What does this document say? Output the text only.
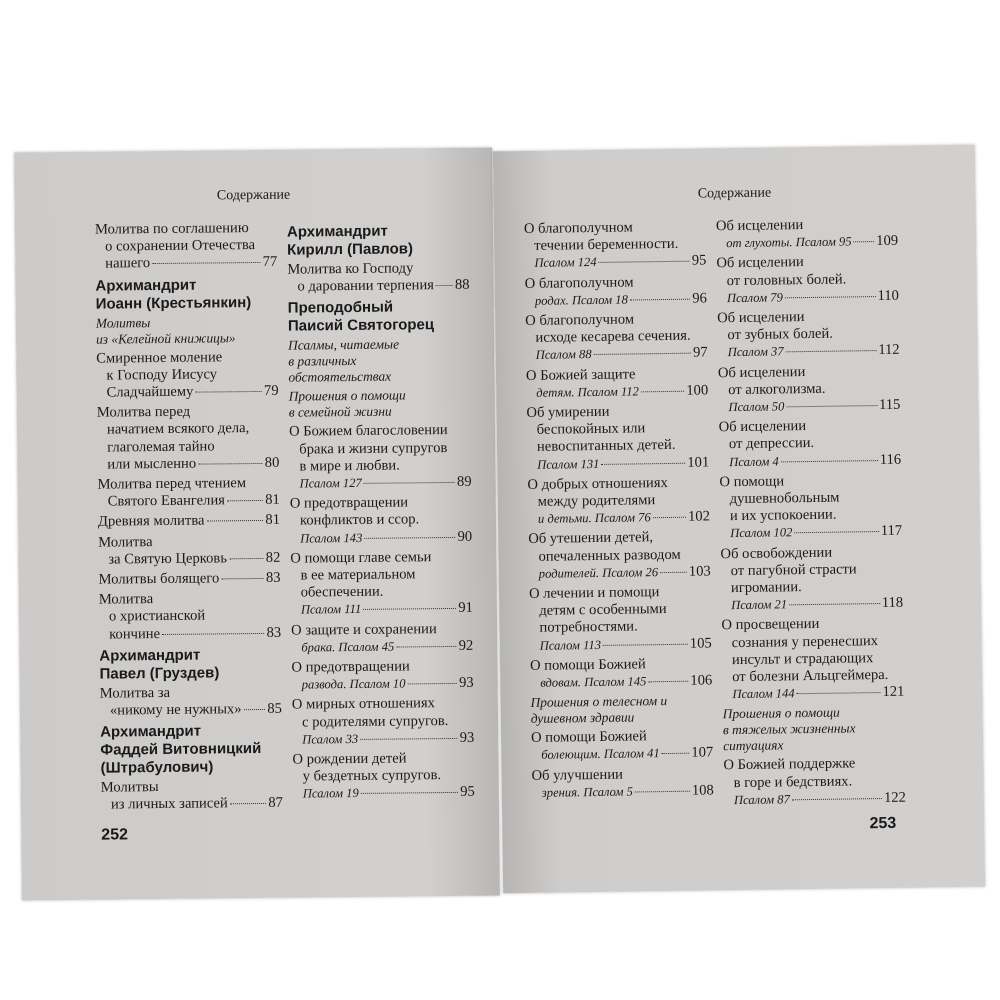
Содержание
Молитва по соглашению
о сохранении Отечества
нашего	77
Архимандрит
Иоанн (Крестьянкин)
Молитвы
из «Келейной книжицы»
Смиренное моление
к Господу Иисусу
Сладчайшему	79
Молитва перед
начатием всякого дела,
глаголемая тайно
или мысленно	80
Молитва перед чтением
Святого Евангелия	81
Древняя молитва	81
Молитва
за Святую Церковь	82
Молитвы болящего	83
Молитва
о христианской
кончине	83
Архимандрит
Павел (Груздев)
Молитва за
«никому не нужных» 85
Архимандрит
Фаддей Витовницкий
(Штрабулович)
Молитвы
из личных записей	87
Архимандрит
Кирилл (Павлов)
Молитва ко Господу
о даровании терпения 88
Преподобный
Паисий Святогорец
Псалмы, читаемые
в различных
обстоятельствах
Прошения о помощи
в семейной жизни
О Божием благословении
брака и жизни супругов
в мире и любви.
Псалом 127	89
О предотвращении
конфликтов и ссор.
Псалом 143	90
О помощи главе семьи
в ее материальном
обеспечении.
Псалом 111	91
О защите и сохранении
брака. Псалом 45	92
О предотвращении
развода. Псалом 10	93
О мирных отношениях
с родителями супругов.
Псалом 33	93
О рождении детей
у бездетных супругов.
Псалом 19	95
252
Содержание
О благополучном
течении беременности.
Псалом 124	95
О благополучном
родах. Псалом 18	96
О благополучном
исходе кесарева сечения.
Псалом 88	97
О Божией защите
детям. Псалом 112	100
Об умирении
беспокойных или
невоспитанных детей.
Псалом 131	101
О добрых отношениях
между родителями
и детьми. Псалом 76	102
Об утешении детей,
опечаленных разводом
родителей. Псалом 26 103
О лечении и помощи
детям с особенными
потребностями.
Псалом 113	105
О помощи Божией
вдовам. Псалом 145	106
Прошения о телесном и
душевном здравии
О помощи Божией
болеющим. Псалом 41 107
Об улучшении
зрения. Псалом 5	108
Об исцелении
от глухоты. Псалом 95 109
Об исцелении
от головных болей.
Псалом 79	110
Об исцелении
от зубных болей.
Псалом 37	112
Об исцелении
от алкоголизма.
Псалом 50	115
Об исцелении
от депрессии.
Псалом 4	116
О помощи
душевнобольным
и их успокоении.
Псалом 102	117
Об освобождении
от пагубной страсти
игромании.
Псалом 21	118
О просвещении
сознания у перенесших
инсульт и страдающих
от болезни Альцгеймера.
Псалом 144	121
Прошения о помощи
в тяжелых жизненных
ситуациях
О Божией поддержке
в горе и бедствиях.
Псалом 87	122
253
